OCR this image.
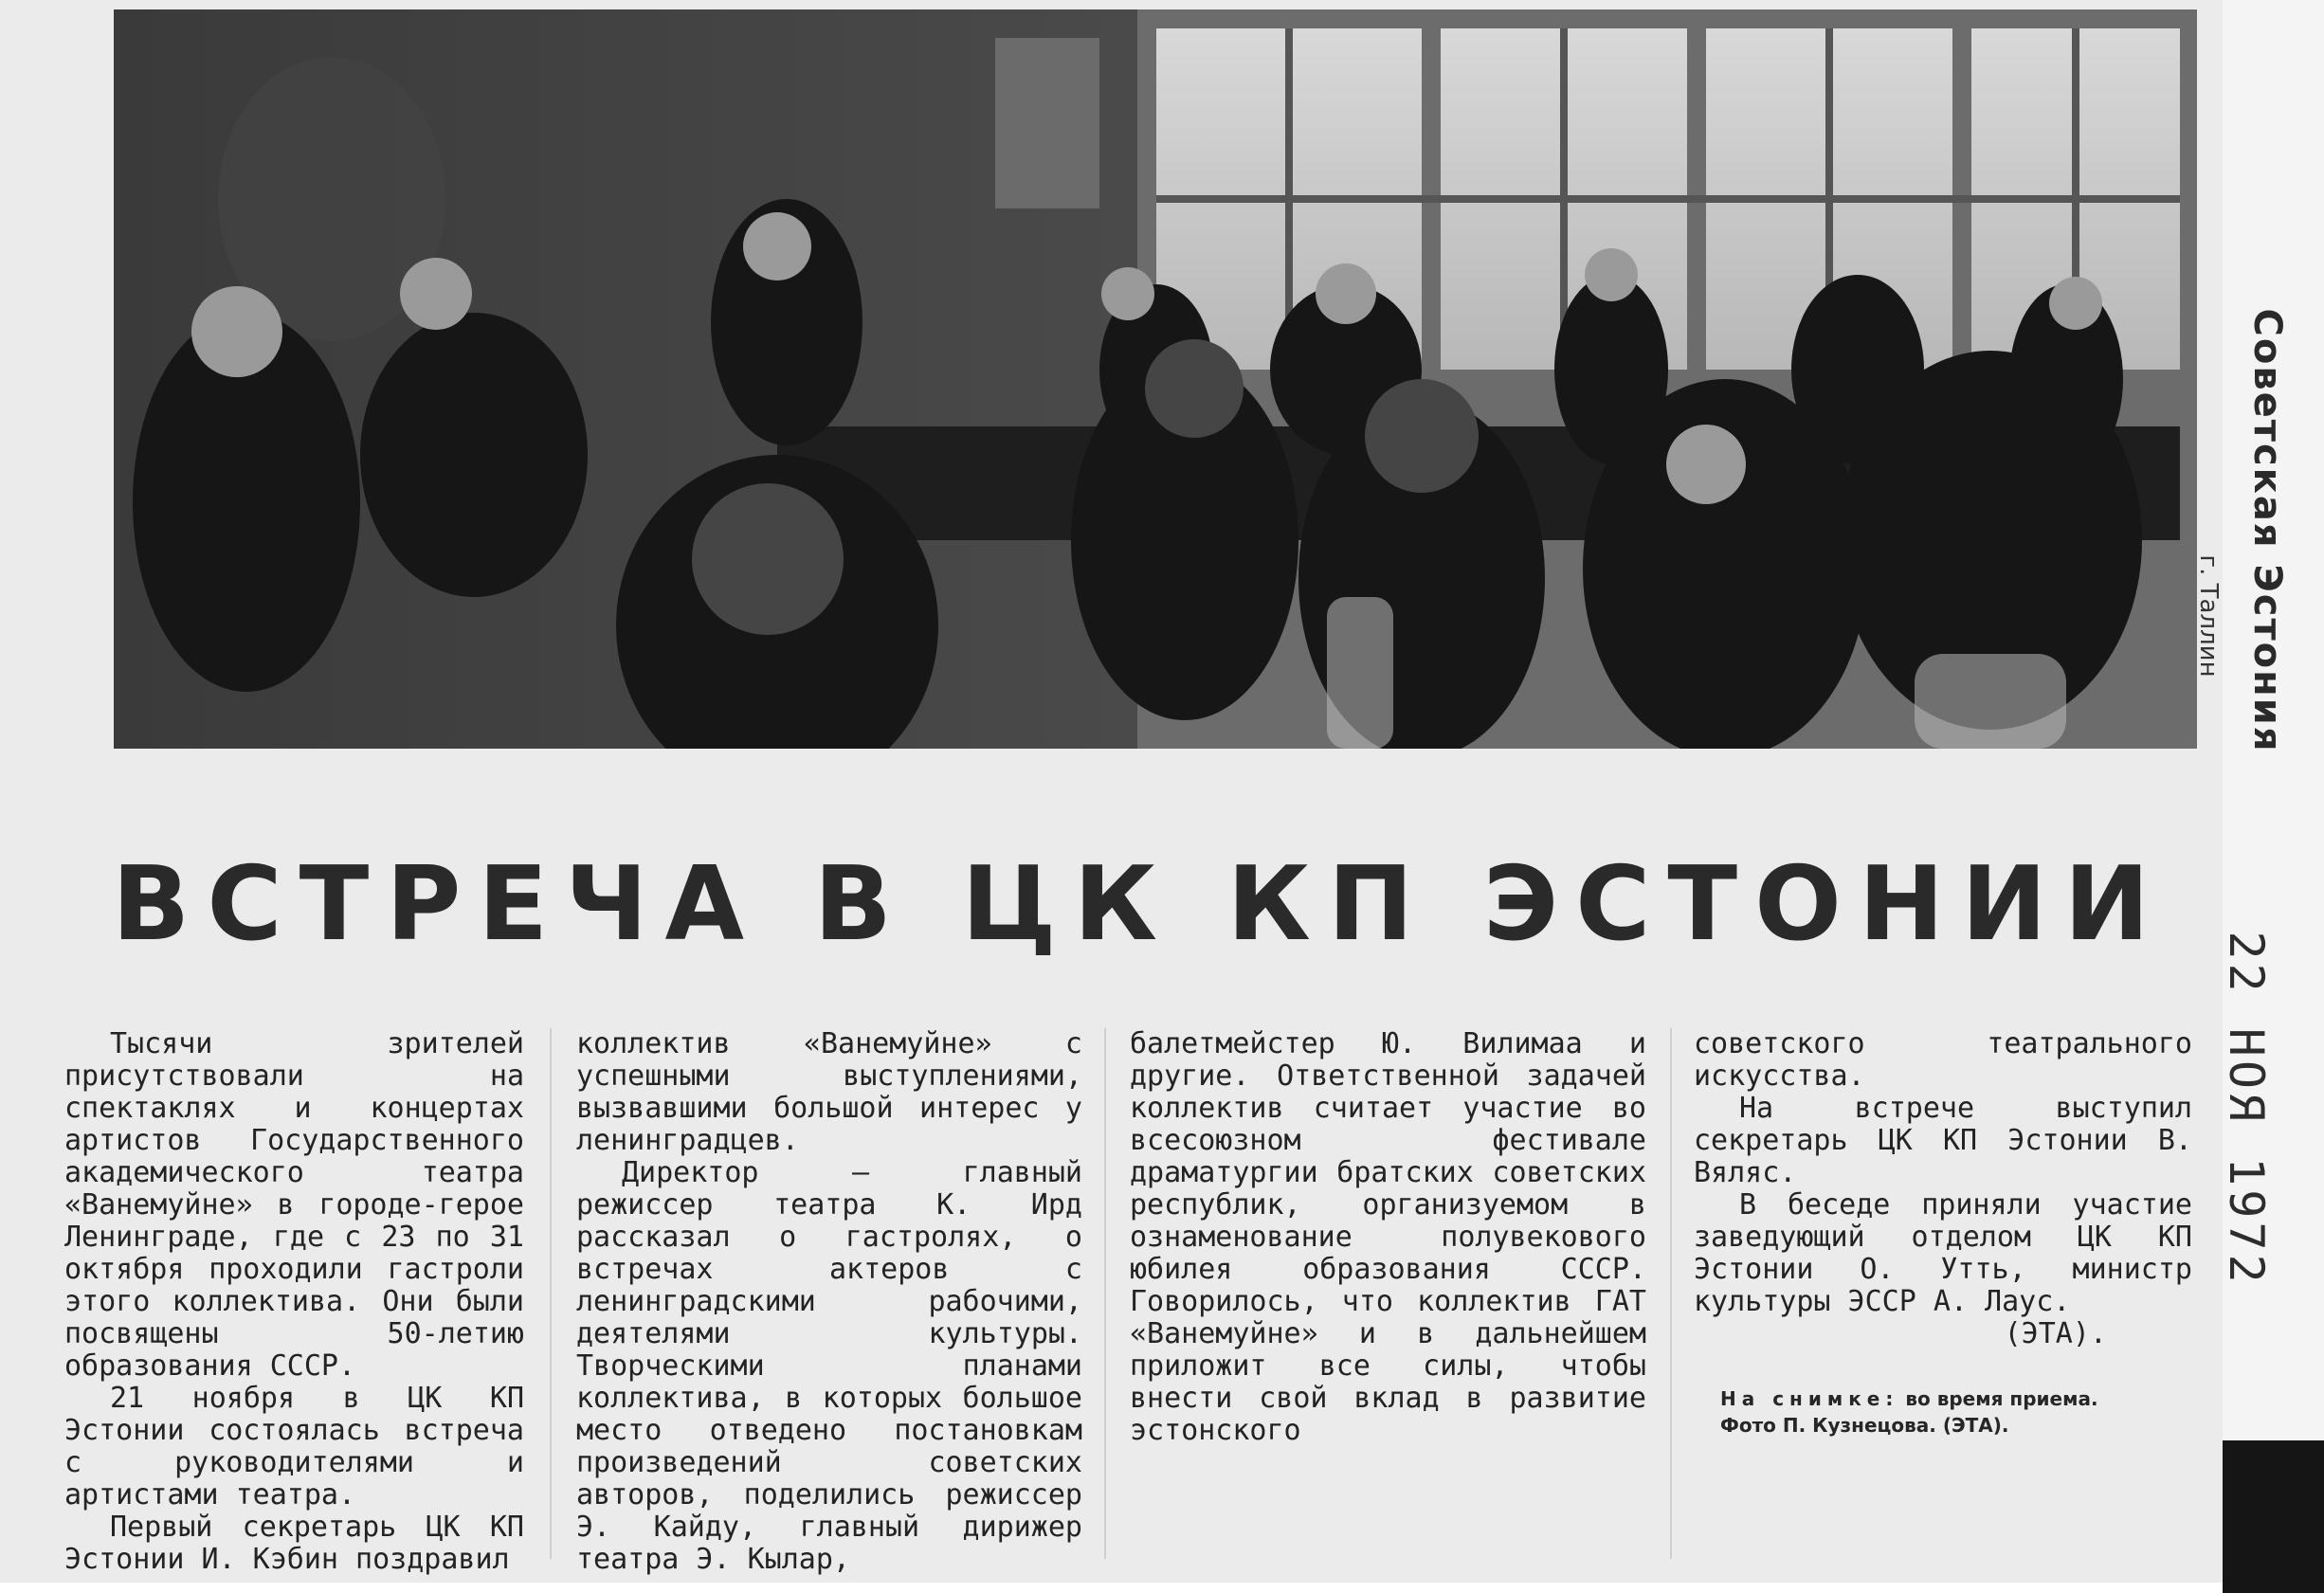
ВСТРЕЧА В ЦК КП ЭСТОНИИ

Тысячи зрителей присутствовали на спектаклях и концертах артистов Государственного академического театра «Ванемуйне» в городе-герое Ленинграде, где с 23 по 31 октября проходили гастроли этого коллектива. Они были посвящены 50-летию образования СССР.

21 ноября в ЦК КП Эстонии состоялась встреча с руководителями и артистами театра.

Первый секретарь ЦК КП Эстонии И. Кэбин поздравил

коллектив «Ванемуйне» с успешными выступлениями, вызвавшими большой интерес у ленинградцев.

Директор — главный режиссер театра К. Ирд рассказал о гастролях, о встречах актеров с ленинградскими рабочими, деятелями культуры. Творческими планами коллектива, в которых большое место отведено постановкам произведений советских авторов, поделились режиссер Э. Кайду, главный дирижер театра Э. Кылар,

балетмейстер Ю. Вилимаа и другие. Ответственной задачей коллектив считает участие во всесоюзном фестивале драматургии братских советских республик, организуемом в ознаменование полувекового юбилея образования СССР. Говорилось, что коллектив ГАТ «Ванемуйне» и в дальнейшем приложит все силы, чтобы внести свой вклад в развитие эстонского

советского театрального искусства.

На встрече выступил секретарь ЦК КП Эстонии В. Вяляс.

В беседе приняли участие заведующий отделом ЦК КП Эстонии О. Утть, министр культуры ЭССР А. Лаус.

(ЭТА).

На снимке: во время приема.
Фото П. Кузнецова. (ЭТА).
Советская Эстония
г. Таллин
22 НОЯ 1972
